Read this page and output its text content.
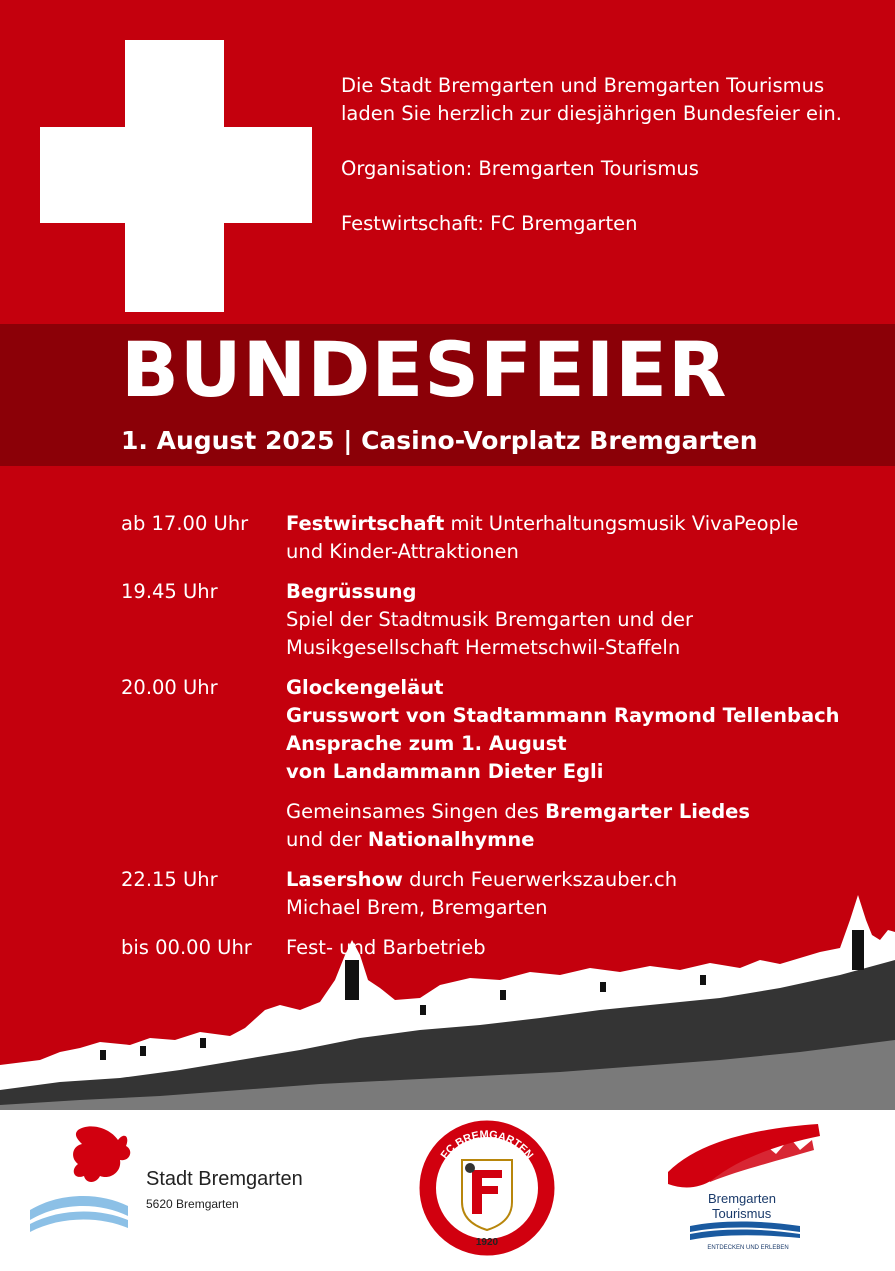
Die Stadt Bremgarten und Bremgarten Tourismus

laden Sie herzlich zur diesjährigen Bundesfeier ein.

Organisation: Bremgarten Tourismus

Festwirtschaft: FC Bremgarten

BUNDESFEIER
1. August 2025 | Casino-Vorplatz Bremgarten
ab 17.00 Uhr Festwirtschaft mit Unterhaltungsmusik VivaPeople
und Kinder-Attraktionen
19.45 Uhr	Begrüssung
Spiel der Stadtmusik Bremgarten und der
Musikgesellschaft Hermetschwil-Staffeln
20.00 Uhr	Glockengeläut
Grusswort von Stadtammann Raymond Tellenbach
Ansprache zum 1. August
von Landammann Dieter Egli
Gemeinsames Singen des Bremgarter Liedes
und der Nationalhymne
22.15 Uhr	Lasershow durch Feuerwerkszauber.ch
Michael Brem, Bremgarten
bis 00.00 Uhr Fest- und Barbetrieb
Stadt Bremgarten
5620 Bremgarten
FC BREMGARTEN
1920
Bremgarten
Tourismus
ENTDECKEN UND ERLEBEN
